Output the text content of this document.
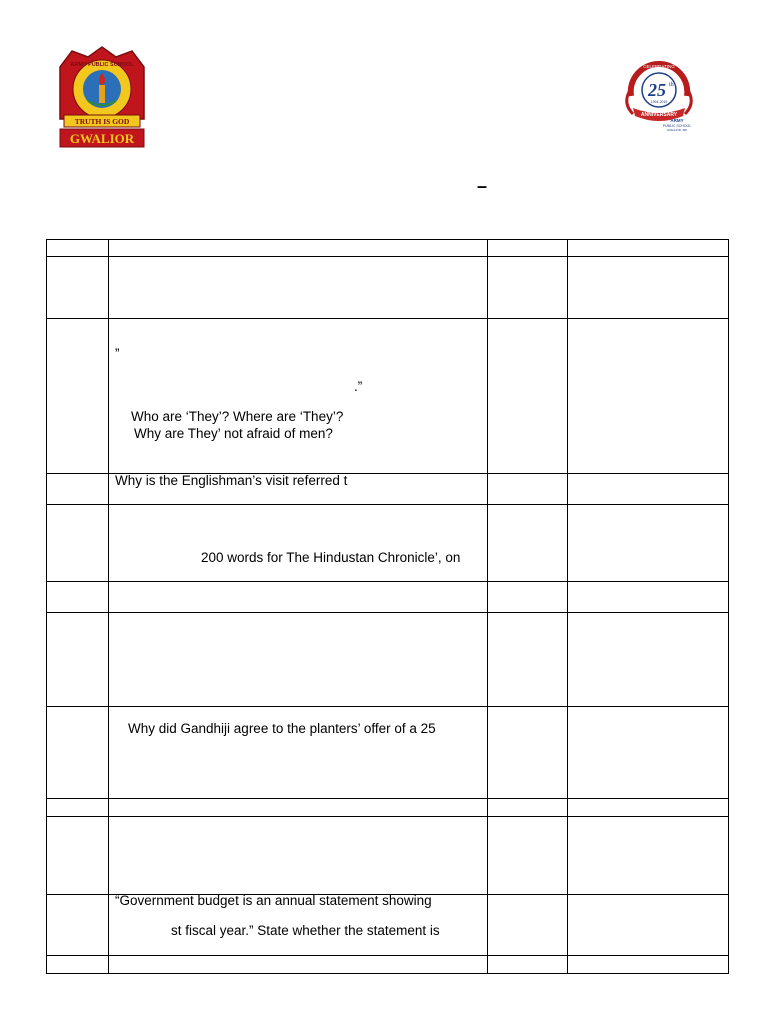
ARMY PUBLIC SCHOOL
TRUTH IS GOD
GWALIOR
CELEBRATING
25 th
1994-2019
ANNIVERSARY
ARMY
PUBLIC SCHOOL
GWALIOR, MP
–
”
.”
Who are ‘They’? Where are ‘They’?
Why are They’ not afraid of men?
Why is the Englishman’s visit referred t
200 words for The Hindustan Chronicle’, on
Why did Gandhiji agree to the planters’ offer of a 25
“Government budget is an annual statement showing
st fiscal year.” State whether the statement is
